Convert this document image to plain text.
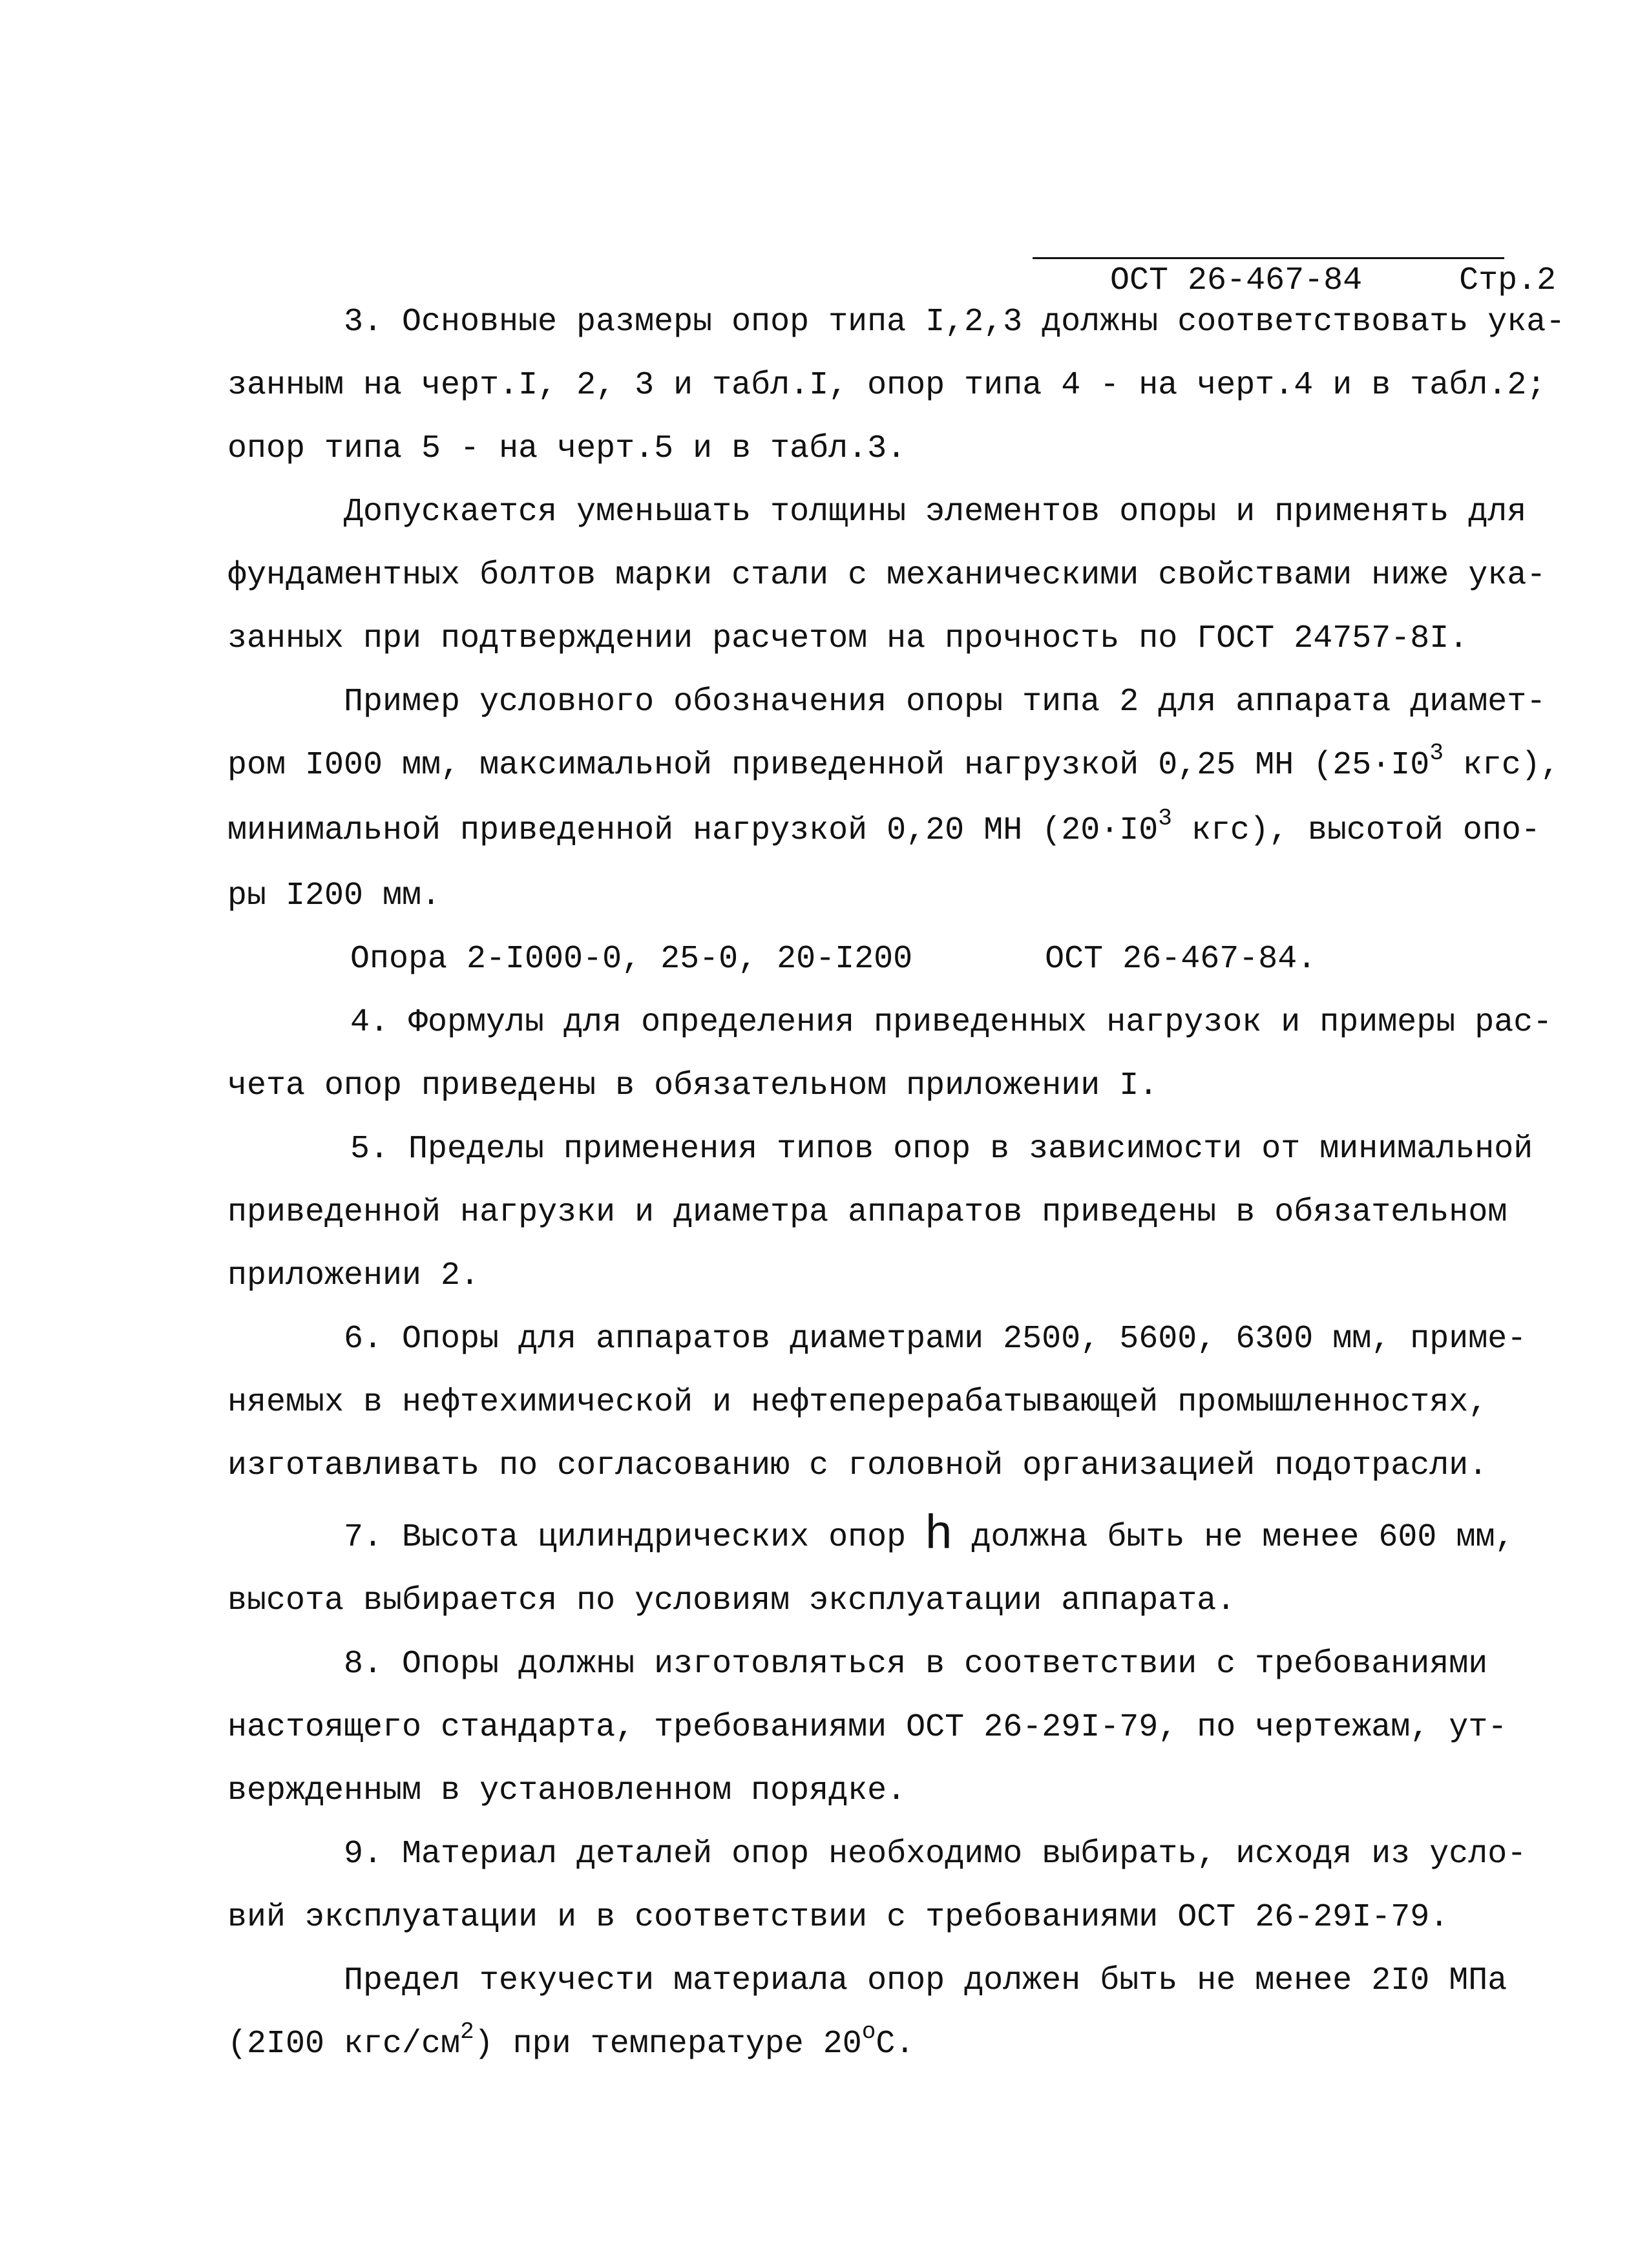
ОСТ 26-467-84	Стр.2

3. Основные размеры опор типа I,2,3 должны соответствовать ука-
занным на черт.I, 2, 3 и табл.I, опор типа 4 - на черт.4 и в табл.2;
опор типа 5 - на черт.5 и в табл.3.
Допускается уменьшать толщины элементов опоры и применять для
фундаментных болтов марки стали с механическими свойствами ниже ука-
занных при подтверждении расчетом на прочность по ГОСТ 24757-8I.
Пример условного обозначения опоры типа 2 для аппарата диамет-
ром I000 мм, максимальной приведенной нагрузкой 0,25 МН ($25\cdot I0^3$ кгс),
минимальной приведенной нагрузкой 0,20 МН ($20\cdot I0^3$ кгс), высотой опо-
ры I200 мм.
Опора 2-I000-0, 25-0, 20-I200	ОСТ 26-467-84.
4. Формулы для определения приведенных нагрузок и примеры рас-
чета опор приведены в обязательном приложении I.
5. Пределы применения типов опор в зависимости от минимальной
приведенной нагрузки и диаметра аппаратов приведены в обязательном
приложении 2.
6. Опоры для аппаратов диаметрами 2500, 5600, 6300 мм, приме-
няемых в нефтехимической и нефтеперерабатывающей промышленностях,
изготавливать по согласованию с головной организацией подотрасли.
7. Высота цилиндрических опор h должна быть не менее 600 мм,
высота выбирается по условиям эксплуатации аппарата.
8. Опоры должны изготовляться в соответствии с требованиями
настоящего стандарта, требованиями ОСТ 26-29I-79, по чертежам, ут-
вержденным в установленном порядке.
9. Материал деталей опор необходимо выбирать, исходя из усло-
вий эксплуатации и в соответствии с требованиями ОСТ 26-29I-79.
Предел текучести материала опор должен быть не менее 2I0 МПа
(2I00 кгс/$см^2$) при температуре $20^оС$.
